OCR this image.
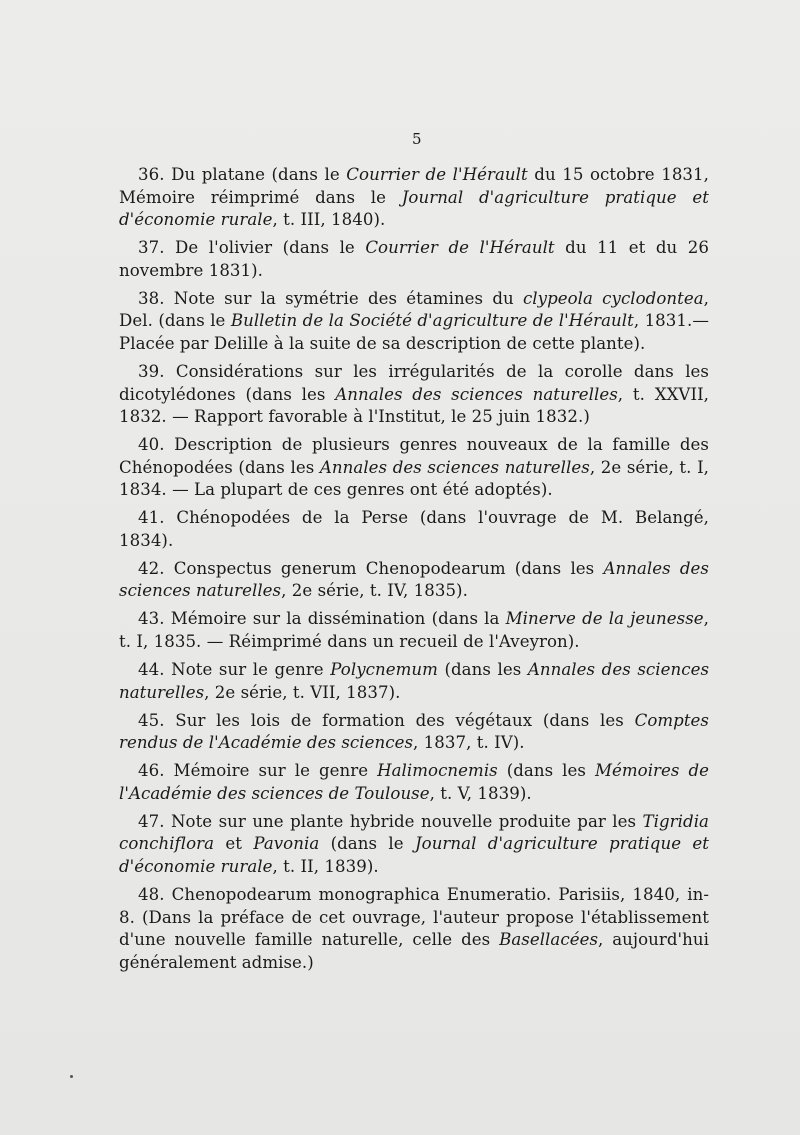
5

36. Du platane (dans le Courrier de l'Hérault du 15 octobre 1831, Mémoire réimprimé dans le Journal d'agriculture pratique et d'économie rurale, t. III, 1840).

37. De l'olivier (dans le Courrier de l'Hérault du 11 et du 26 novembre 1831).

38. Note sur la symétrie des étamines du clypeola cyclodontea, Del. (dans le Bulletin de la Société d'agriculture de l'Hérault, 1831.—Placée par Delille à la suite de sa description de cette plante).

39. Considérations sur les irrégularités de la corolle dans les dicotylédones (dans les Annales des sciences naturelles, t. XXVII, 1832. — Rapport favorable à l'Institut, le 25 juin 1832.)

40. Description de plusieurs genres nouveaux de la famille des Chénopodées (dans les Annales des sciences naturelles, 2e série, t. I, 1834. — La plupart de ces genres ont été adoptés).

41. Chénopodées de la Perse (dans l'ouvrage de M. Belangé, 1834).

42. Conspectus generum Chenopodearum (dans les Annales des sciences naturelles, 2e série, t. IV, 1835).

43. Mémoire sur la dissémination (dans la Minerve de la jeunesse, t. I, 1835. — Réimprimé dans un recueil de l'Aveyron).

44. Note sur le genre Polycnemum (dans les Annales des sciences naturelles, 2e série, t. VII, 1837).

45. Sur les lois de formation des végétaux (dans les Comptes rendus de l'Académie des sciences, 1837, t. IV).

46. Mémoire sur le genre Halimocnemis (dans les Mémoires de l'Académie des sciences de Toulouse, t. V, 1839).

47. Note sur une plante hybride nouvelle produite par les Tigridia conchiflora et Pavonia (dans le Journal d'agriculture pratique et d'économie rurale, t. II, 1839).

48. Chenopodearum monographica Enumeratio. Parisiis, 1840, in-8. (Dans la préface de cet ouvrage, l'auteur propose l'établissement d'une nouvelle famille naturelle, celle des Basellacées, aujourd'hui généralement admise.)
